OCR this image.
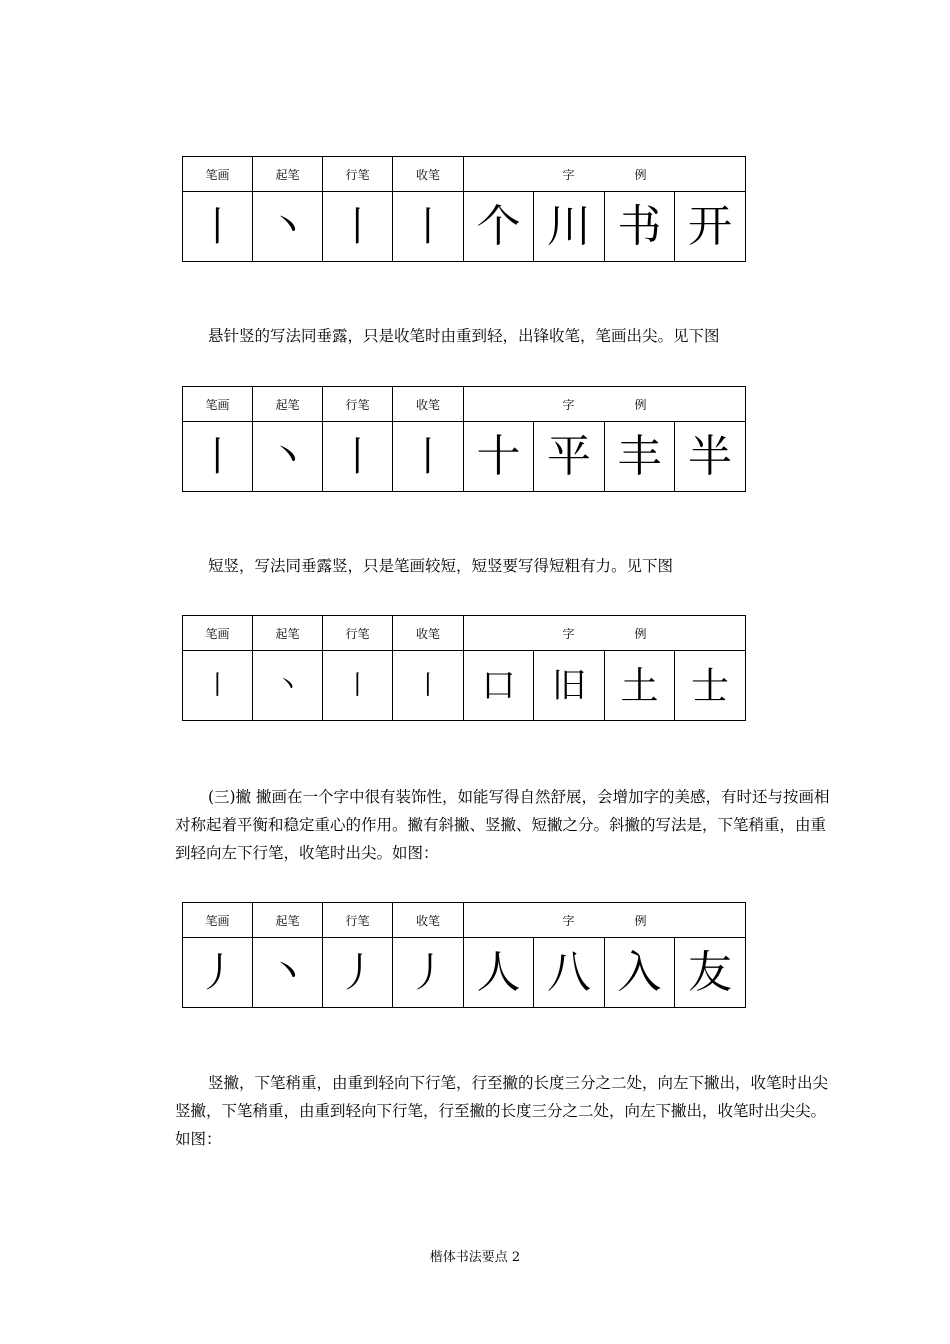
笔画	起笔	行笔	收笔	字 例			
丨	丶	丨	丨	个	川	书	开
悬针竖的写法同垂露，只是收笔时由重到轻，出锋收笔，笔画出尖。见下图
笔画	起笔	行笔	收笔	字 例			
丨	丶	丨	丨	十	平	丰	半
短竖，写法同垂露竖，只是笔画较短，短竖要写得短粗有力。见下图
笔画	起笔	行笔	收笔	字 例			
丨	丶	丨	丨	口	旧	土	士
(三)撇 撇画在一个字中很有装饰性，如能写得自然舒展，会增加字的美感，有时还与按画相对称起着平衡和稳定重心的作用。撇有斜撇、竖撇、短撇之分。斜撇的写法是，下笔稍重，由重到轻向左下行笔，收笔时出尖。如图：
笔画	起笔	行笔	收笔	字 例			
丿	丶	丿	丿	人	八	入	友
竖撇，下笔稍重，由重到轻向下行笔，行至撇的长度三分之二处，向左下撇出，收笔时出尖竖撇，下笔稍重，由重到轻向下行笔，行至撇的长度三分之二处，向左下撇出，收笔时出尖尖。如图：
楷体书法要点 2
